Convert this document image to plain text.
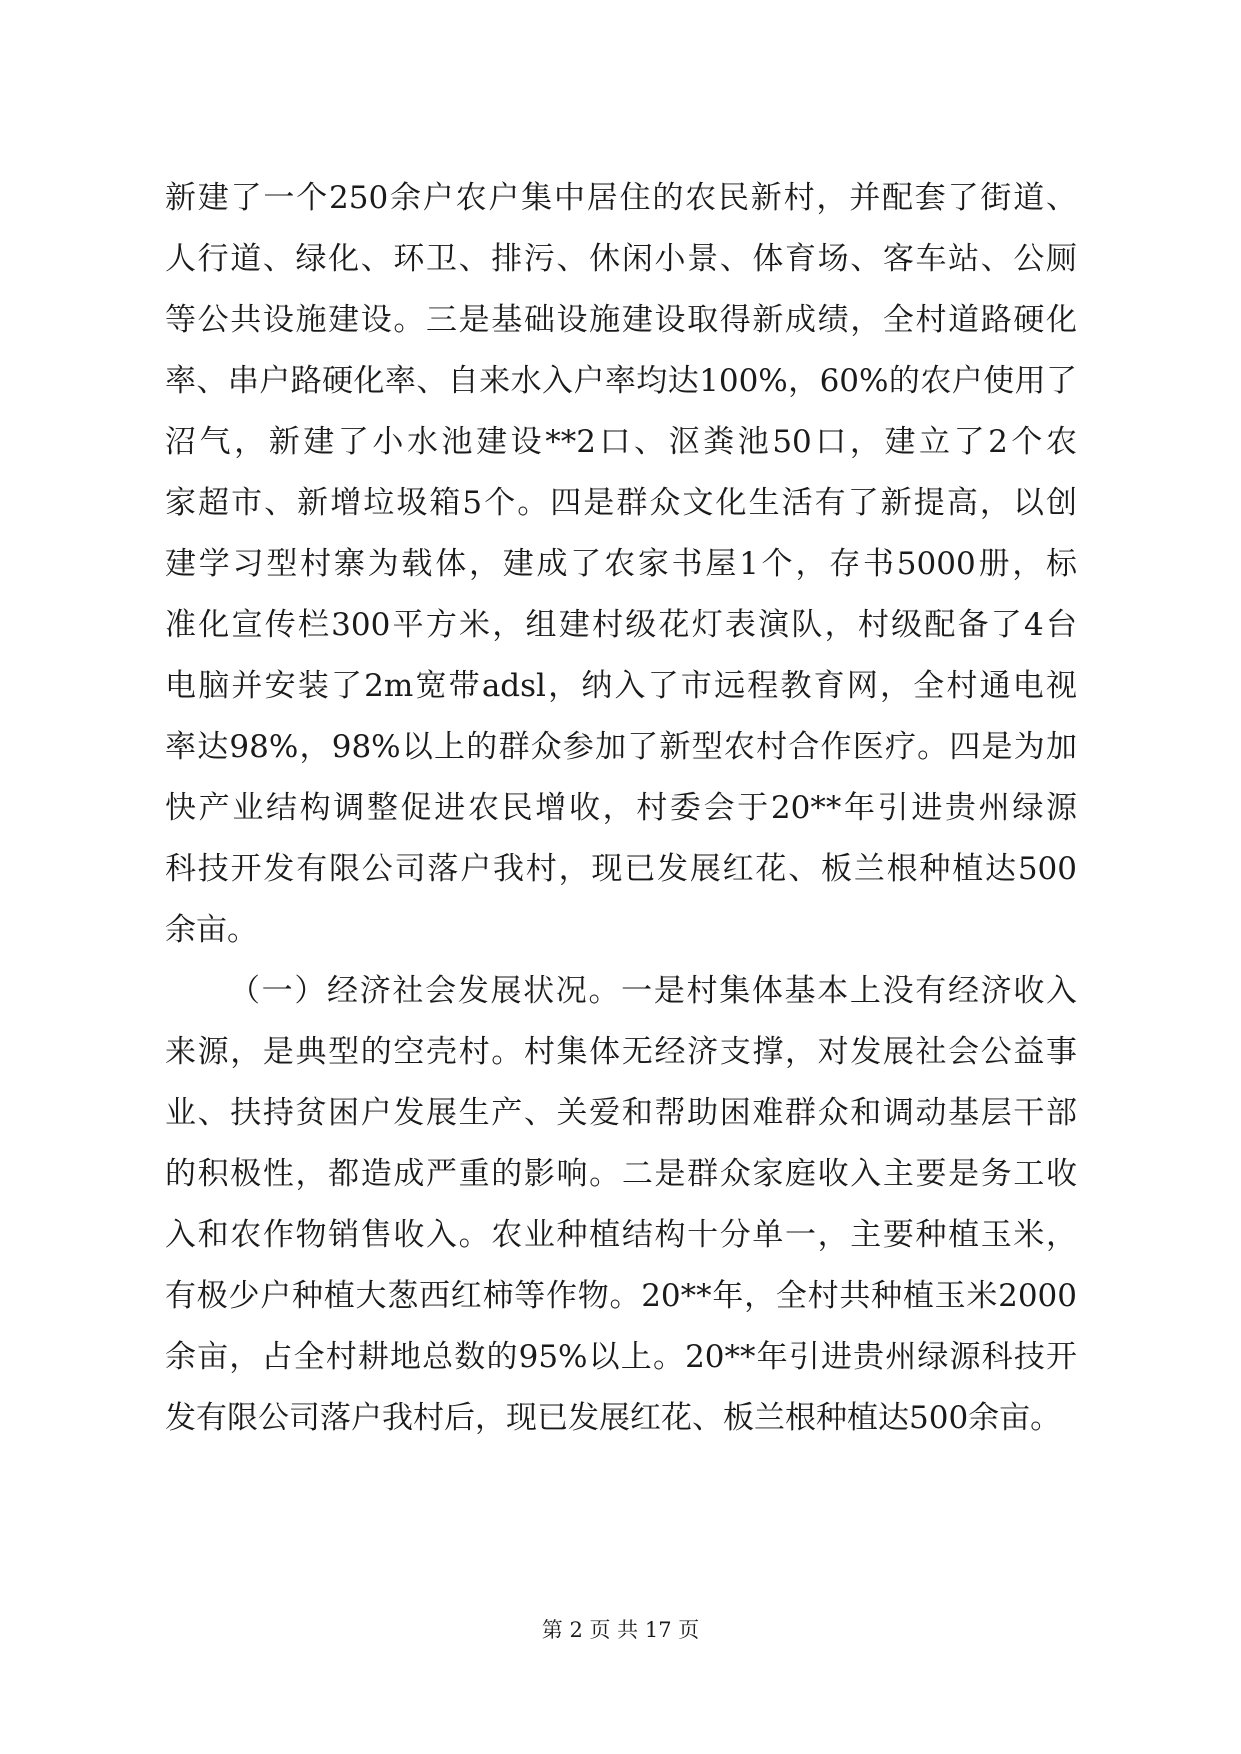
新建了一个250余户农户集中居住的农民新村，并配套了街道、
人行道、绿化、环卫、排污、休闲小景、体育场、客车站、公厕
等公共设施建设。三是基础设施建设取得新成绩，全村道路硬化
率、串户路硬化率、自来水入户率均达100%，60%的农户使用了
沼气，新建了小水池建设**2口、沤粪池50口，建立了2个农
家超市、新增垃圾箱5个。四是群众文化生活有了新提高，以创
建学习型村寨为载体，建成了农家书屋1个，存书5000册，标
准化宣传栏300平方米，组建村级花灯表演队，村级配备了4台
电脑并安装了2m宽带adsl，纳入了市远程教育网，全村通电视
率达98%，98%以上的群众参加了新型农村合作医疗。四是为加
快产业结构调整促进农民增收，村委会于20**年引进贵州绿源
科技开发有限公司落户我村，现已发展红花、板兰根种植达500
余亩。
（一）经济社会发展状况。一是村集体基本上没有经济收入
来源，是典型的空壳村。村集体无经济支撑，对发展社会公益事
业、扶持贫困户发展生产、关爱和帮助困难群众和调动基层干部
的积极性，都造成严重的影响。二是群众家庭收入主要是务工收
入和农作物销售收入。农业种植结构十分单一，主要种植玉米，
有极少户种植大葱西红柿等作物。20**年，全村共种植玉米2000
余亩，占全村耕地总数的95%以上。20**年引进贵州绿源科技开
发有限公司落户我村后，现已发展红花、板兰根种植达500余亩。
第 2 页 共 17 页
